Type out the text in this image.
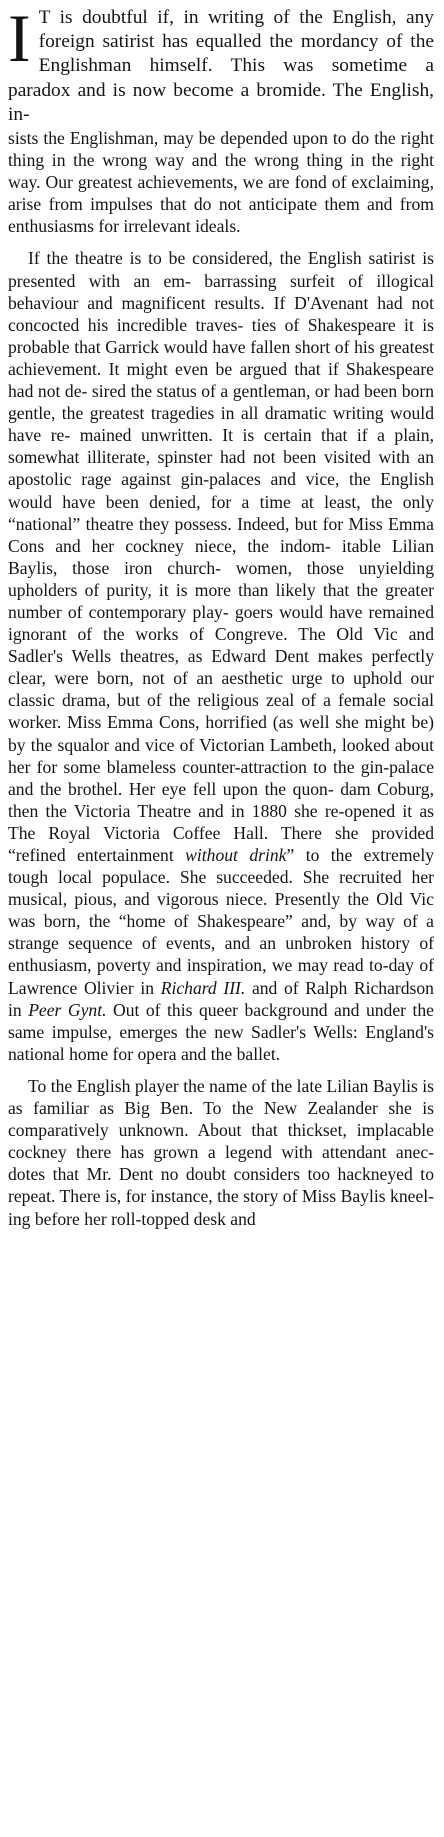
I T is doubtful if, in writing of the English, any foreign satirist has equalled the mordancy of the Englishman himself. This was sometime a paradox and is now become a bromide. The English, in-

sists the Englishman, may be depended upon to do the right thing in the wrong way and the wrong thing in the right way. Our greatest achievements, we are fond of exclaiming, arise from impulses that do not anticipate them and from enthusiasms for irrelevant ideals.

If the theatre is to be considered, the English satirist is presented with an em- barrassing surfeit of illogical behaviour and magnificent results. If D'Avenant had not concocted his incredible traves- ties of Shakespeare it is probable that Garrick would have fallen short of his greatest achievement. It might even be argued that if Shakespeare had not de- sired the status of a gentleman, or had been born gentle, the greatest tragedies in all dramatic writing would have re- mained unwritten. It is certain that if a plain, somewhat illiterate, spinster had not been visited with an apostolic rage against gin-palaces and vice, the English would have been denied, for a time at least, the only “national” theatre they possess. Indeed, but for Miss Emma Cons and her cockney niece, the indom- itable Lilian Baylis, those iron church- women, those unyielding upholders of purity, it is more than likely that the greater number of contemporary play- goers would have remained ignorant of the works of Congreve. The Old Vic and Sadler's Wells theatres, as Edward Dent makes perfectly clear, were born, not of an aesthetic urge to uphold our classic drama, but of the religious zeal of a female social worker. Miss Emma Cons, horrified (as well she might be) by the squalor and vice of Victorian Lambeth, looked about her for some blameless counter-attraction to the gin-palace and the brothel. Her eye fell upon the quon- dam Coburg, then the Victoria Theatre and in 1880 she re-opened it as The Royal Victoria Coffee Hall. There she provided “refined entertainment without drink” to the extremely tough local populace. She succeeded. She recruited her musical, pious, and vigorous niece. Presently the Old Vic was born, the “home of Shakespeare” and, by way of a strange sequence of events, and an unbroken history of enthusiasm, poverty and inspiration, we may read to-day of Lawrence Olivier in Richard III. and of Ralph Richardson in Peer Gynt. Out of this queer background and under the same impulse, emerges the new Sadler's Wells: England's national home for opera and the ballet.

To the English player the name of the late Lilian Baylis is as familiar as Big Ben. To the New Zealander she is comparatively unknown. About that thickset, implacable cockney there has grown a legend with attendant anec- dotes that Mr. Dent no doubt considers too hackneyed to repeat. There is, for instance, the story of Miss Baylis kneel- ing before her roll-topped desk and
